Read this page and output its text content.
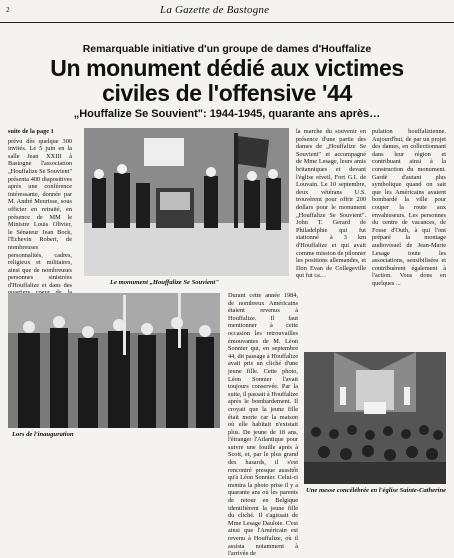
2	La Gazette de Bastogne
Remarquable initiative d'un groupe de dames d'Houffalize
Un monument dédié aux victimes
civiles de l'offensive '44
„Houffalize Se Souvient": 1944-1945, quarante ans après…

suite de la page 1

prévu dès quelque 300 invités. Le 5 juin en la salle Jean XXIII à Bastogne l'association „Houffalize Se Souvient" présenta 400 diapositives après une conférence intéressante, donnée par M. André Meurisse, sous officier en retraité, en présence de MM le Ministre Louis Olivier, le Sénateur Jean Bock, l'Echevin Robert, de nombreuses personnalités, cadres, religieux et militaires, ainsi que de nombreuses personnes sinistrées d'Houffalize et dans des	Le monument „Houffalize Se Souvient"

la marche du souvenir en présence d'une partie des dames de „Houffalize Se Souvient" et accompagné de Mme Lesage, leurs amis britanniques et devant l'église réveil, Fort G.I. de Louvain. Le 10 septembre, deux vétérans U.S. trouvèrent pour offrir 200 dollars pour le monument „Houffalize Se Souvient". John T. Gerard de Philadelphie qui fut stationné à 3 km d'Houffalize et qui avait comme mission de pilonner les positions allemandes, et Don Evan de Collegeville qui fut ca…

pulation houffalizienne. Aujourd'hui, de par un projet des dames, en collectionnant dans leur région et contribuant ainsi à la construction du monument. Gardé d'autant plus symbolique quand on sait que les Américains avaient bombardé la ville pour couper la route aux envahisseurs. Les personnes du centre de vacances, de Fosse d'Outh, à qui l'ont préparé la montage audiovisuel de Jean-Marie Lesage toute les associations, sensibilisées et contribuèrent également à l'action. Vous dons en quelques ...

Lors de l'inauguration

Durant cette année 1984, de nombreux Américains étaient revenus à Houffalize. Il faut mentionner à cette occasion les retrouvailles émouvantes de M. Léon Sonnier qui, en septembre 44, dit passage à Houffalize avait pris un cliché d'une jeune fille. Cette photo, Léon Sonnier l'avait toujours conservée. Par la suite, il passait à Houffalize après le bombardement. Il croyait que la jeune fille était morte car la maison où elle habitait n'existait plus. De jeune de 18 ans, l'étranger l'Atlantique pour suivre une fouille après à Scott, et, par le plus grand des hasards, il s'est rencontré presque aussitôt qu'à Léon Sonnier. Celui-ci montra la photo prise il y a quarante ans où les parents de retour en Belgique identifièrent la jeune fille du cliché. Il s'agissait de Mme Lesage Dauloie. C'est ainsi que l'Américain est revenu à Houffalize, où il assista notamment à l'arrivée de

Une messe concélébrée en l'église Sainte-Catherine
